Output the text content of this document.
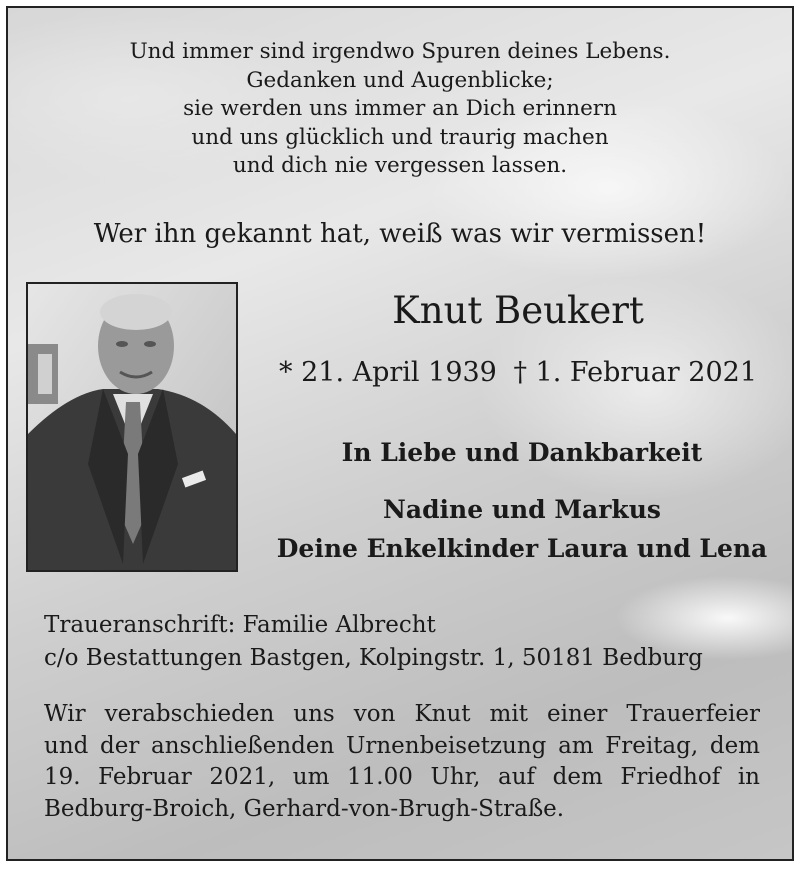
Und immer sind irgendwo Spuren deines Lebens.
Gedanken und Augenblicke;
sie werden uns immer an Dich erinnern
und uns glücklich und traurig machen
und dich nie vergessen lassen.
Wer ihn gekannt hat, weiß was wir vermissen!
Knut Beukert
* 21. April 1939 † 1. Februar 2021
In Liebe und Dankbarkeit
Nadine und Markus
Deine Enkelkinder Laura und Lena
Traueranschrift: Familie Albrecht
c/o Bestattungen Bastgen, Kolpingstr. 1, 50181 Bedburg
Wir verabschieden uns von Knut mit einer Trauerfeier
und der anschließenden Urnenbeisetzung am Freitag, dem
19. Februar 2021, um 11.00 Uhr, auf dem Friedhof in
Bedburg-Broich, Gerhard-von-Brugh-Straße.
